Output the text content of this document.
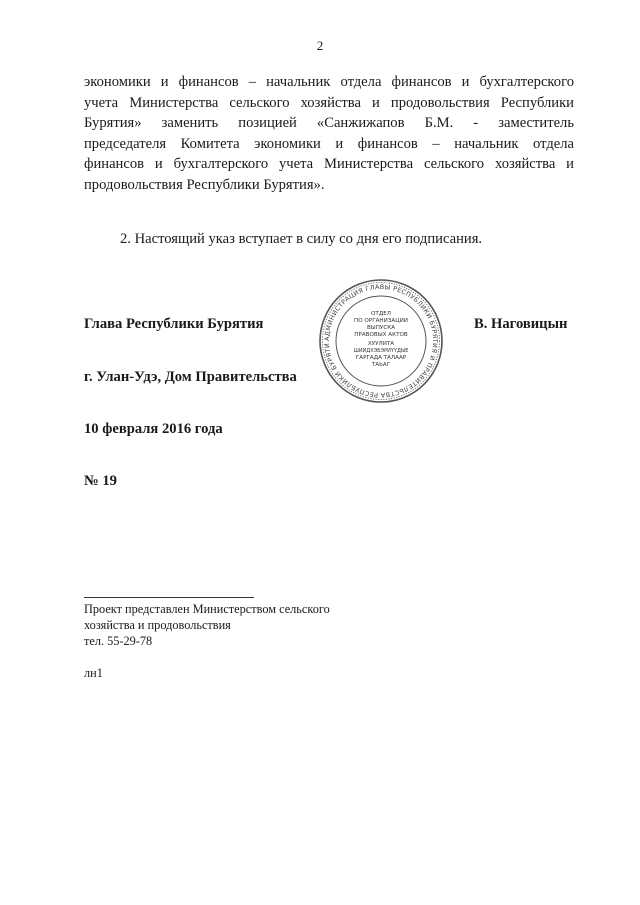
2
экономики и финансов – начальник отдела финансов и бухгалтерского
учета Министерства сельского хозяйства и продовольствия Республики
Бурятия» заменить позицией «Санжижапов Б.М. - заместитель
председателя Комитета экономики и финансов – начальник отдела
финансов и бухгалтерского учета Министерства сельского хозяйства и
продовольствия Республики Бурятия».
2. Настоящий указ вступает в силу со дня его подписания.
Глава Республики Бурятия	В. Наговицын
АДМИНИСТРАЦИЯ ГЛАВЫ РЕСПУБЛИКИ БУРЯТИЯ И ПРАВИТЕЛЬСТВА РЕСПУБЛИКИ БУРЯТИ
ОТДЕЛ
ПО ОРГАНИЗАЦИИ
ВЫПУСКА
ПРАВОВЫХ АКТОВ
ХУУЛИТА
ШИИДХЭБЭРИҮҮДЫЕ
ГАРГАДА ТАЛААР
ТАЬАГ
г. Улан-Удэ, Дом Правительства
10 февраля 2016 года
№ 19
Проект представлен Министерством сельского
хозяйства и продовольствия
тел. 55-29-78
лн1
